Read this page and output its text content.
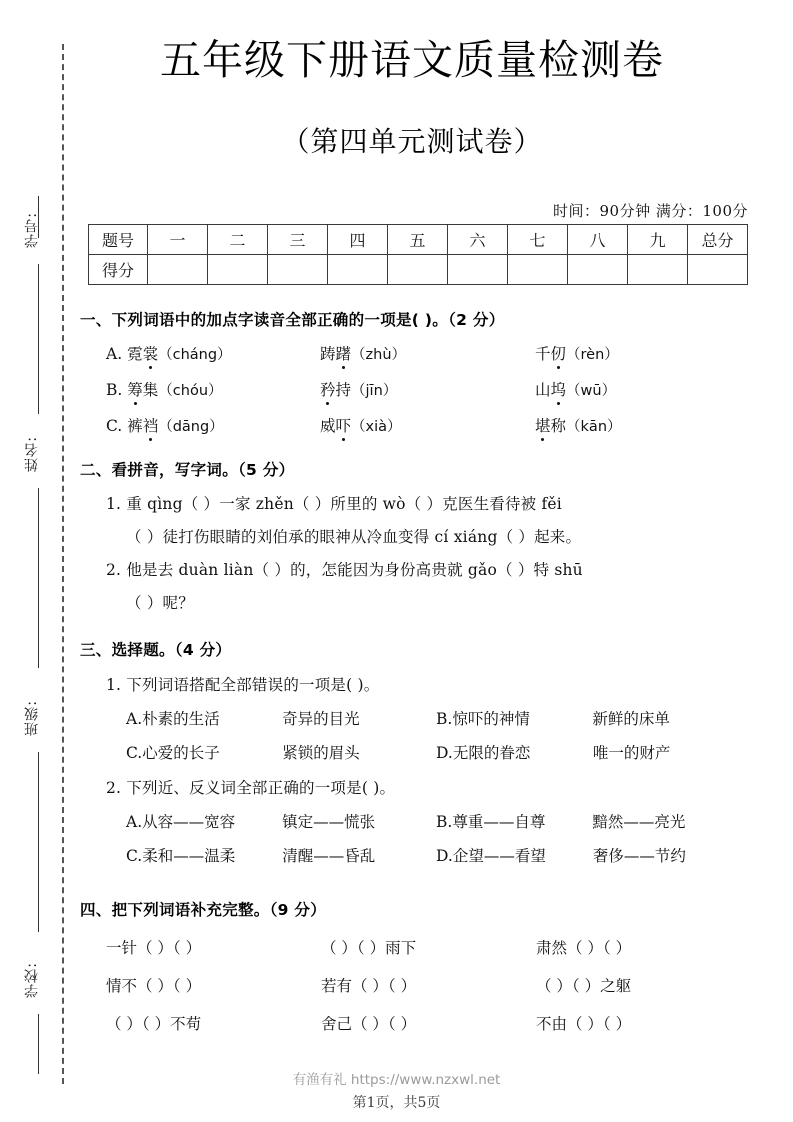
学号:
姓名:
班级:
学校:
五年级下册语文质量检测卷
（第四单元测试卷）
时间：90分钟 满分：100分
题号	一	二	三	四	五	六	七	八	九	总分
得分										
一、下列词语中的加点字读音全部正确的一项是( )。（2 分）
A. 霓裳（cháng）	踌躇（zhù）	千仞（rèn）
B. 筹集（chóu）	矜持（jīn）	山坞（wū）
C. 裤裆（dāng）	威吓（xià）	堪称（kān）
二、看拼音，写字词。（5 分）
1. 重 qìng（ ）一家 zhěn（ ）所里的 wò（ ）克医生看待被 fěi
（ ）徒打伤眼睛的刘伯承的眼神从冷血变得 cí xiáng（ ）起来。
2. 他是去 duàn liàn（ ）的，怎能因为身份高贵就 gǎo（ ）特 shū
（ ）呢？
三、选择题。（4 分）
1. 下列词语搭配全部错误的一项是( )。
A.朴素的生活	奇异的目光	B.惊吓的神情	新鲜的床单
C.心爱的长子	紧锁的眉头	D.无限的眷恋	唯一的财产
2. 下列近、反义词全部正确的一项是( )。
A.从容——宽容	镇定——慌张	B.尊重——自尊	黯然——亮光
C.柔和——温柔	清醒——昏乱	D.企望——看望	奢侈——节约
四、把下列词语补充完整。（9 分）
一针（ ）（ ）	（ ）（ ）雨下	肃然（ ）（ ）
情不（ ）（ ）	若有（ ）（ ）	（ ）（ ）之躯
（ ）（ ）不苟	舍己（ ）（ ）	不由（ ）（ ）
有渔有礼 https://www.nzxwl.net
第1页，共5页
